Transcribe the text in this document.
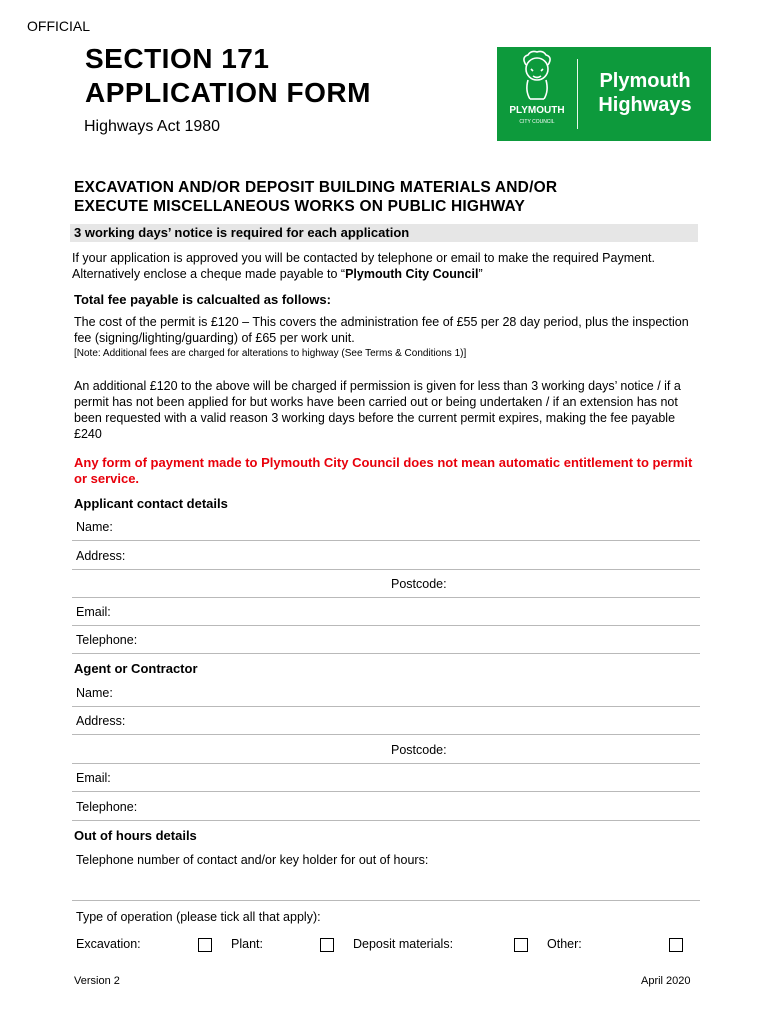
OFFICIAL
SECTION 171
APPLICATION FORM
Highways Act 1980
PLYMOUTH
CITY COUNCIL
Plymouth
Highways
EXCAVATION AND/OR DEPOSIT BUILDING MATERIALS AND/OR
EXECUTE MISCELLANEOUS WORKS ON PUBLIC HIGHWAY
3 working days’ notice is required for each application
If your application is approved you will be contacted by telephone or email to make the required Payment. Alternatively enclose a cheque made payable to “Plymouth City Council”
Total fee payable is calcualted as follows:
The cost of the permit is £120 – This covers the administration fee of £55 per 28 day period, plus the inspection fee (signing/lighting/guarding) of £65 per work unit.
[Note: Additional fees are charged for alterations to highway (See Terms & Conditions 1)]
An additional £120 to the above will be charged if permission is given for less than 3 working days’ notice / if a permit has not been applied for but works have been carried out or being undertaken / if an extension has not been requested with a valid reason 3 working days before the current permit expires, making the fee payable £240
Any form of payment made to Plymouth City Council does not mean automatic entitlement to permit or service.
Applicant contact details
Name:
Address:
Postcode:
Email:
Telephone:
Agent or Contractor
Name:
Address:
Postcode:
Email:
Telephone:
Out of hours details
Telephone number of contact and/or key holder for out of hours:
Type of operation (please tick all that apply):
Excavation:	Plant:	Deposit materials:	Other:
Version 2	April 2020
